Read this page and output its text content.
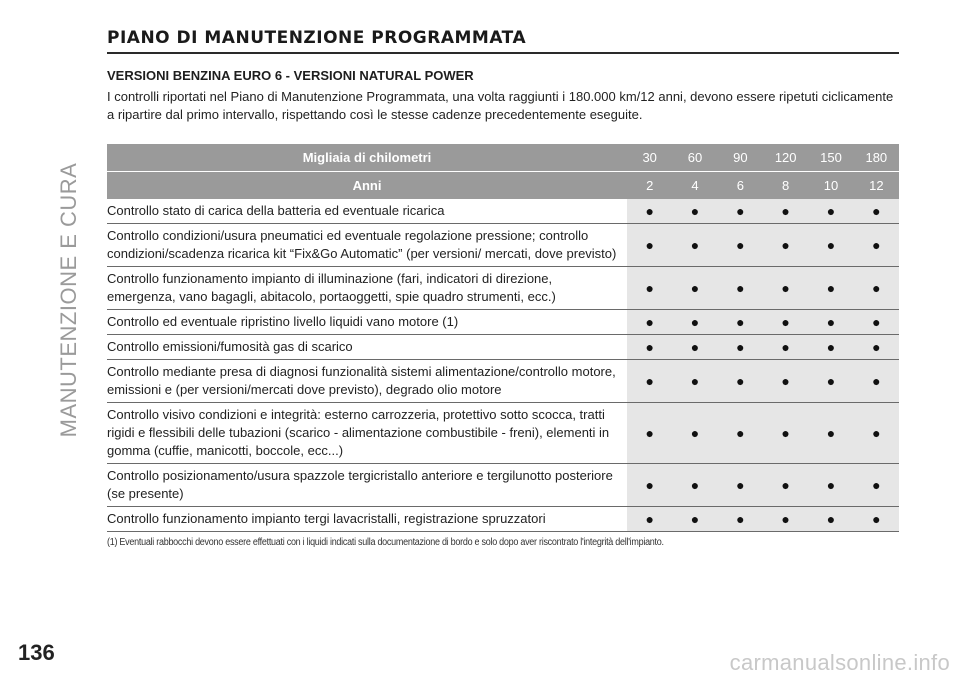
MANUTENZIONE E CURA
PIANO DI MANUTENZIONE PROGRAMMATA
VERSIONI BENZINA EURO 6 - VERSIONI NATURAL POWER
I controlli riportati nel Piano di Manutenzione Programmata, una volta raggiunti i 180.000 km/12 anni, devono essere ripetuti ciclicamente a ripartire dal primo intervallo, rispettando così le stesse cadenze precedentemente eseguite.
Migliaia di chilometri	30	60	90	120	150	180
Anni	2	4	6	8	10	12
Controllo stato di carica della batteria ed eventuale ricarica	●	●	●	●	●	●
Controllo condizioni/usura pneumatici ed eventuale regolazione pressione; controllo condizioni/scadenza ricarica kit “Fix&Go Automatic” (per versioni/ mercati, dove previsto)	●	●	●	●	●	●
Controllo funzionamento impianto di illuminazione (fari, indicatori di direzione, emergenza, vano bagagli, abitacolo, portaoggetti, spie quadro strumenti, ecc.)	●	●	●	●	●	●
Controllo ed eventuale ripristino livello liquidi vano motore (1)	●	●	●	●	●	●
Controllo emissioni/fumosità gas di scarico	●	●	●	●	●	●
Controllo mediante presa di diagnosi funzionalità sistemi alimentazione/controllo motore, emissioni e (per versioni/mercati dove previsto), degrado olio motore	●	●	●	●	●	●
Controllo visivo condizioni e integrità: esterno carrozzeria, protettivo sotto scocca, tratti rigidi e flessibili delle tubazioni (scarico - alimentazione combustibile - freni), elementi in gomma (cuffie, manicotti, boccole, ecc...)	●	●	●	●	●	●
Controllo posizionamento/usura spazzole tergicristallo anteriore e tergilunotto posteriore (se presente)	●	●	●	●	●	●
Controllo funzionamento impianto tergi lavacristalli, registrazione spruzzatori	●	●	●	●	●	●
(1) Eventuali rabbocchi devono essere effettuati con i liquidi indicati sulla documentazione di bordo e solo dopo aver riscontrato l'integrità dell'impianto.
136	carmanualsonline.info
